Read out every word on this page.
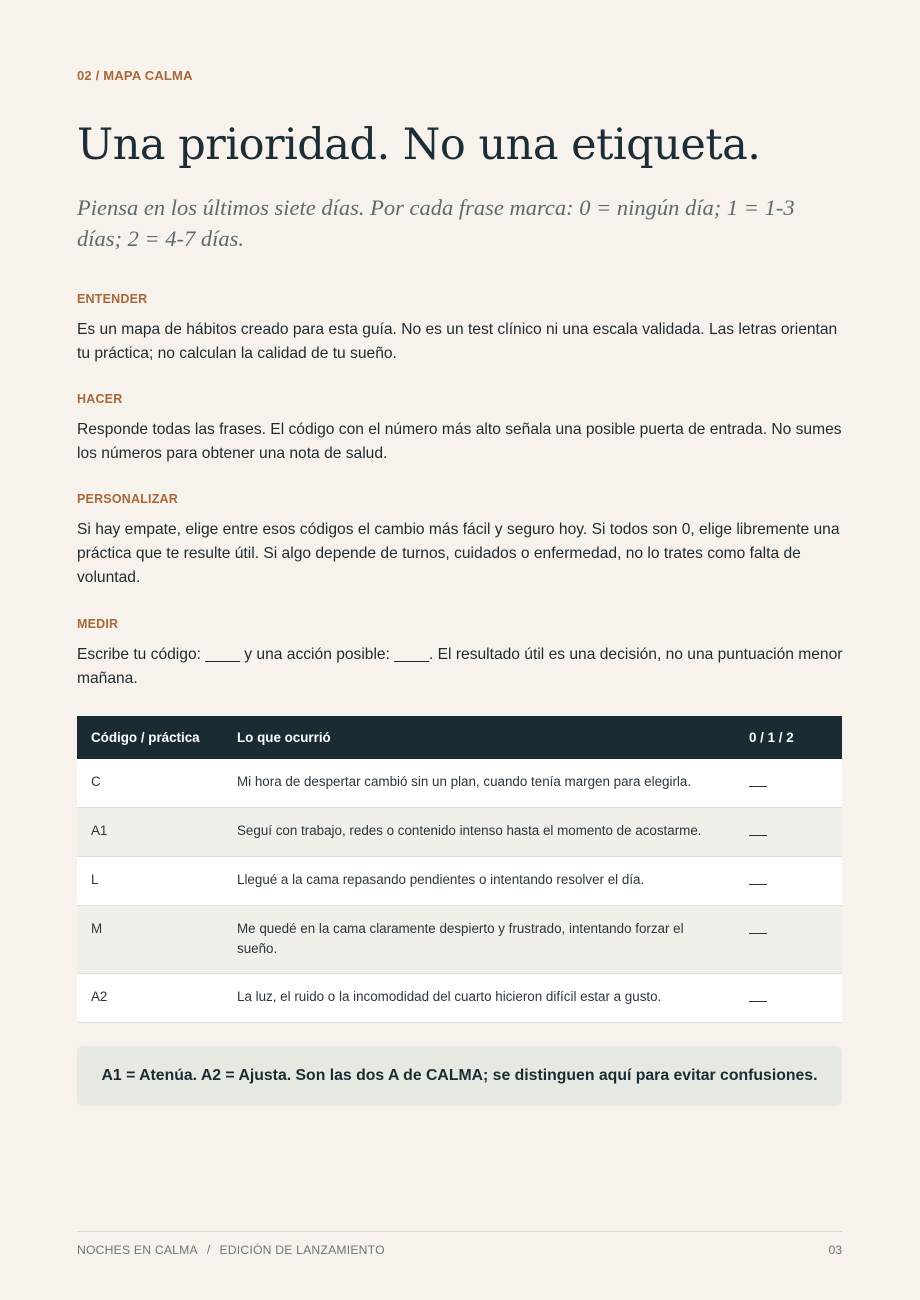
02 / MAPA CALMA
Una prioridad. No una etiqueta.

Piensa en los últimos siete días. Por cada frase marca: 0 = ningún día; 1 = 1-3 días; 2 = 4-7 días.

ENTENDER

Es un mapa de hábitos creado para esta guía. No es un test clínico ni una escala validada. Las letras orientan tu práctica; no calculan la calidad de tu sueño.

HACER

Responde todas las frases. El código con el número más alto señala una posible puerta de entrada. No sumes los números para obtener una nota de salud.

PERSONALIZAR

Si hay empate, elige entre esos códigos el cambio más fácil y seguro hoy. Si todos son 0, elige libremente una práctica que te resulte útil. Si algo depende de turnos, cuidados o enfermedad, no lo trates como falta de voluntad.

MEDIR

Escribe tu código: ____ y una acción posible: ____. El resultado útil es una decisión, no una puntuación menor mañana.

Código / práctica	Lo que ocurrió	0 / 1 / 2
C	Mi hora de despertar cambió sin un plan, cuando tenía margen para elegirla.	
A1	Seguí con trabajo, redes o contenido intenso hasta el momento de acostarme.	
L	Llegué a la cama repasando pendientes o intentando resolver el día.	
M	Me quedé en la cama claramente despierto y frustrado, intentando forzar el sueño.	
A2	La luz, el ruido o la incomodidad del cuarto hicieron difícil estar a gusto.	
A1 = Atenúa. A2 = Ajusta. Son las dos A de CALMA; se distinguen aquí para evitar confusiones.
NOCHES EN CALMA / EDICIÓN DE LANZAMIENTO	03
